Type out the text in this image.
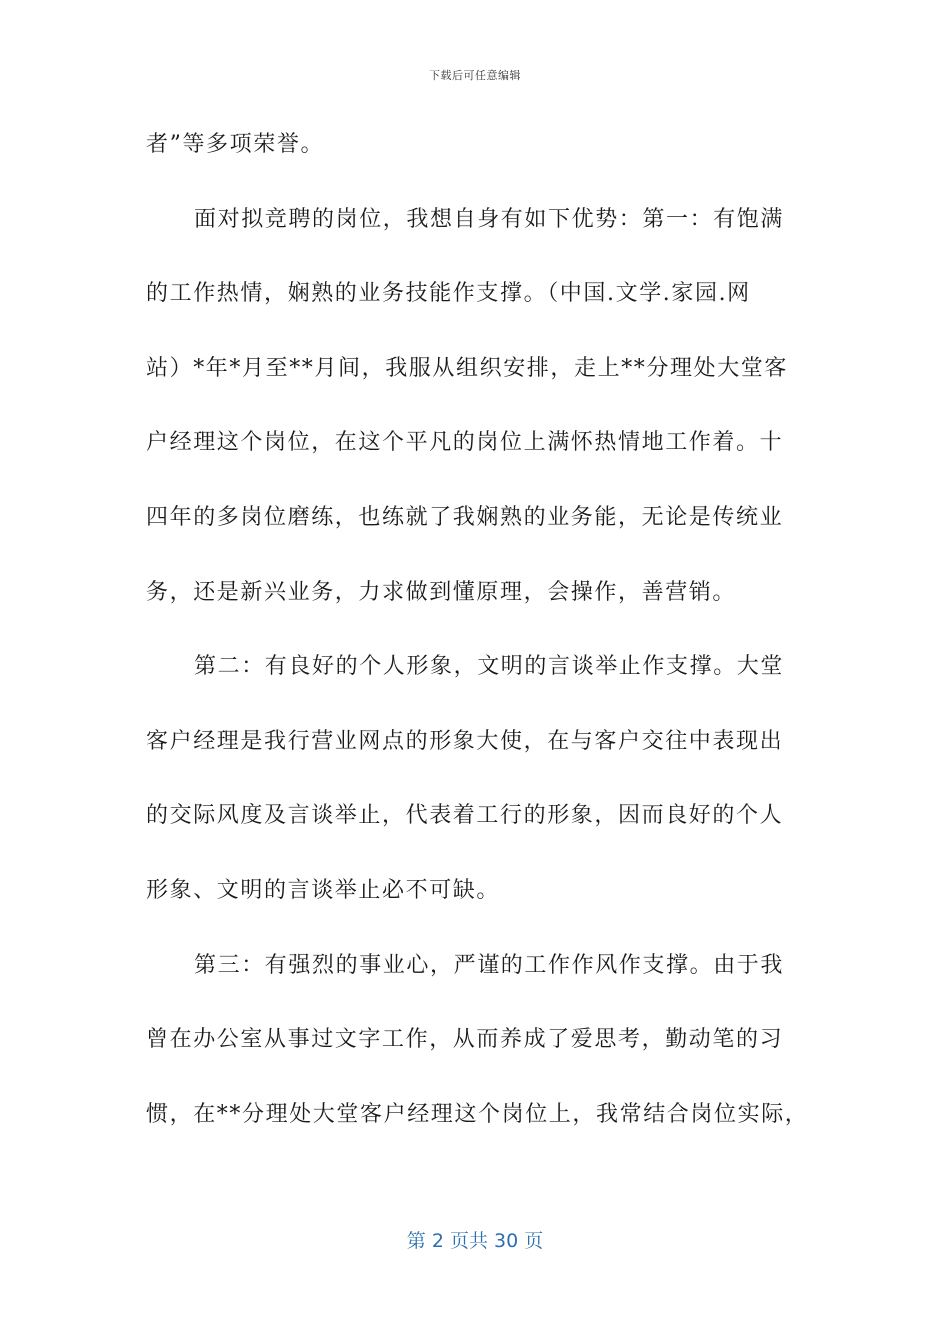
下载后可任意编辑
者”等多项荣誉。
面对拟竞聘的岗位，我想自身有如下优势：第一：有饱满
的工作热情，娴熟的业务技能作支撑。（中国.文学.家园.网
站）*年*月至**月间，我服从组织安排，走上**分理处大堂客
户经理这个岗位，在这个平凡的岗位上满怀热情地工作着。十
四年的多岗位磨练，也练就了我娴熟的业务能，无论是传统业
务，还是新兴业务，力求做到懂原理，会操作，善营销。
第二：有良好的个人形象，文明的言谈举止作支撑。大堂
客户经理是我行营业网点的形象大使，在与客户交往中表现出
的交际风度及言谈举止，代表着工行的形象，因而良好的个人
形象、文明的言谈举止必不可缺。
第三：有强烈的事业心，严谨的工作作风作支撑。由于我
曾在办公室从事过文字工作，从而养成了爱思考，勤动笔的习
惯，在**分理处大堂客户经理这个岗位上，我常结合岗位实际，
第 2 页共 30 页
